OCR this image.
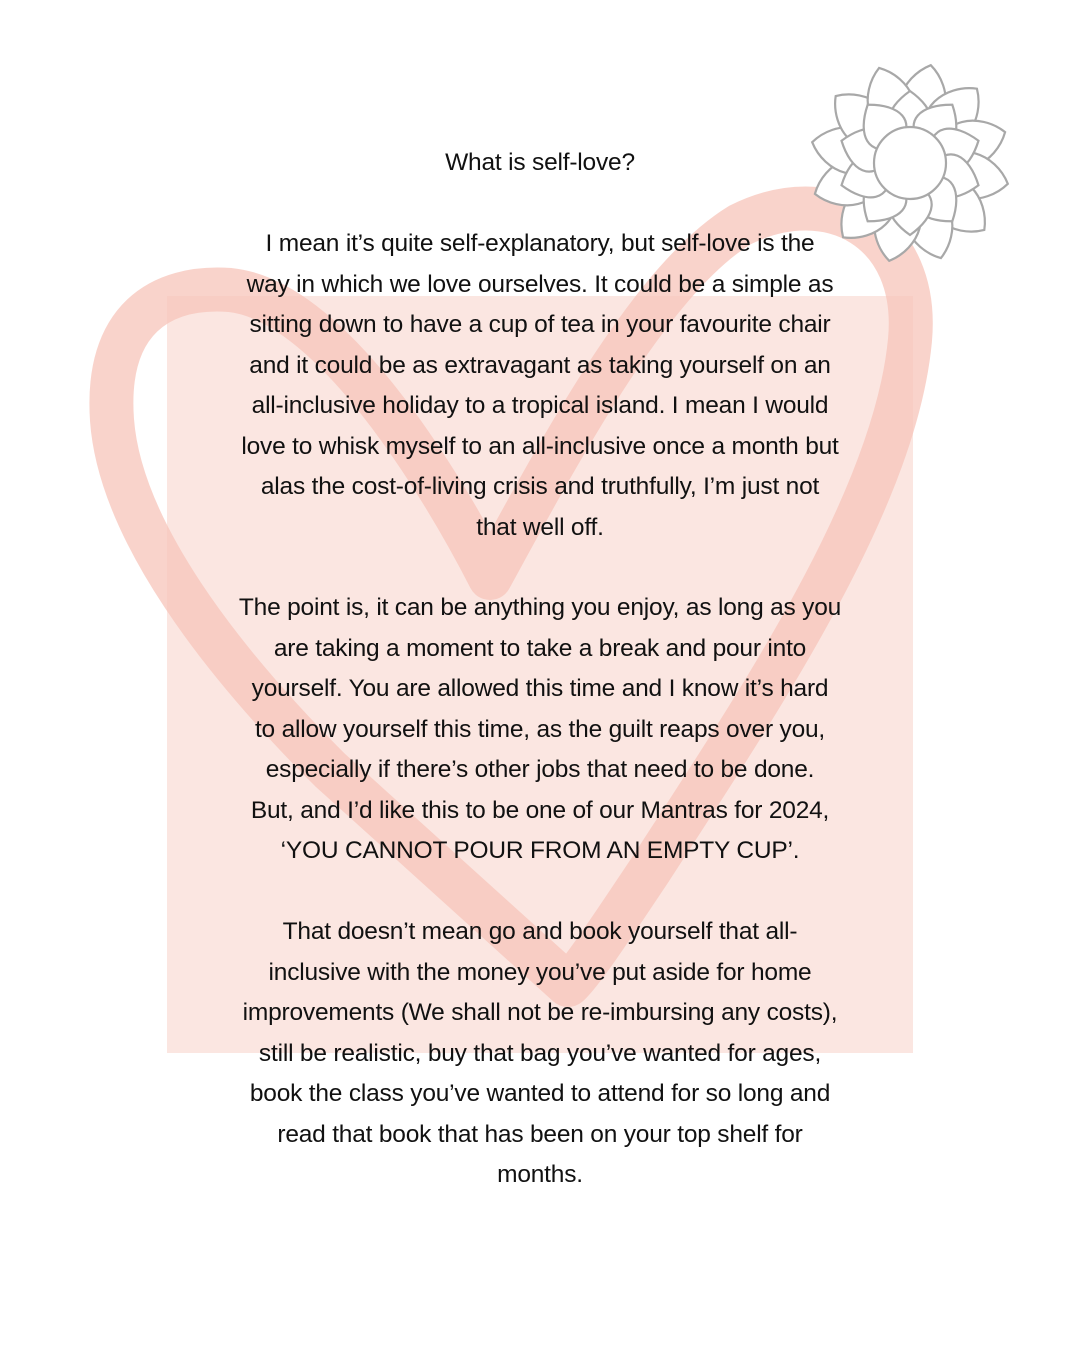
What is self-love?
I mean it’s quite self-explanatory, but self-love is the
way in which we love ourselves. It could be a simple as
sitting down to have a cup of tea in your favourite chair
and it could be as extravagant as taking yourself on an
all-inclusive holiday to a tropical island. I mean I would
love to whisk myself to an all-inclusive once a month but
alas the cost-of-living crisis and truthfully, I’m just not
that well off.
The point is, it can be anything you enjoy, as long as you
are taking a moment to take a break and pour into
yourself. You are allowed this time and I know it’s hard
to allow yourself this time, as the guilt reaps over you,
especially if there’s other jobs that need to be done.
But, and I’d like this to be one of our Mantras for 2024,
‘YOU CANNOT POUR FROM AN EMPTY CUP’.
That doesn’t mean go and book yourself that all-
inclusive with the money you’ve put aside for home
improvements (We shall not be re-imbursing any costs),
still be realistic, buy that bag you’ve wanted for ages,
book the class you’ve wanted to attend for so long and
read that book that has been on your top shelf for
months.
